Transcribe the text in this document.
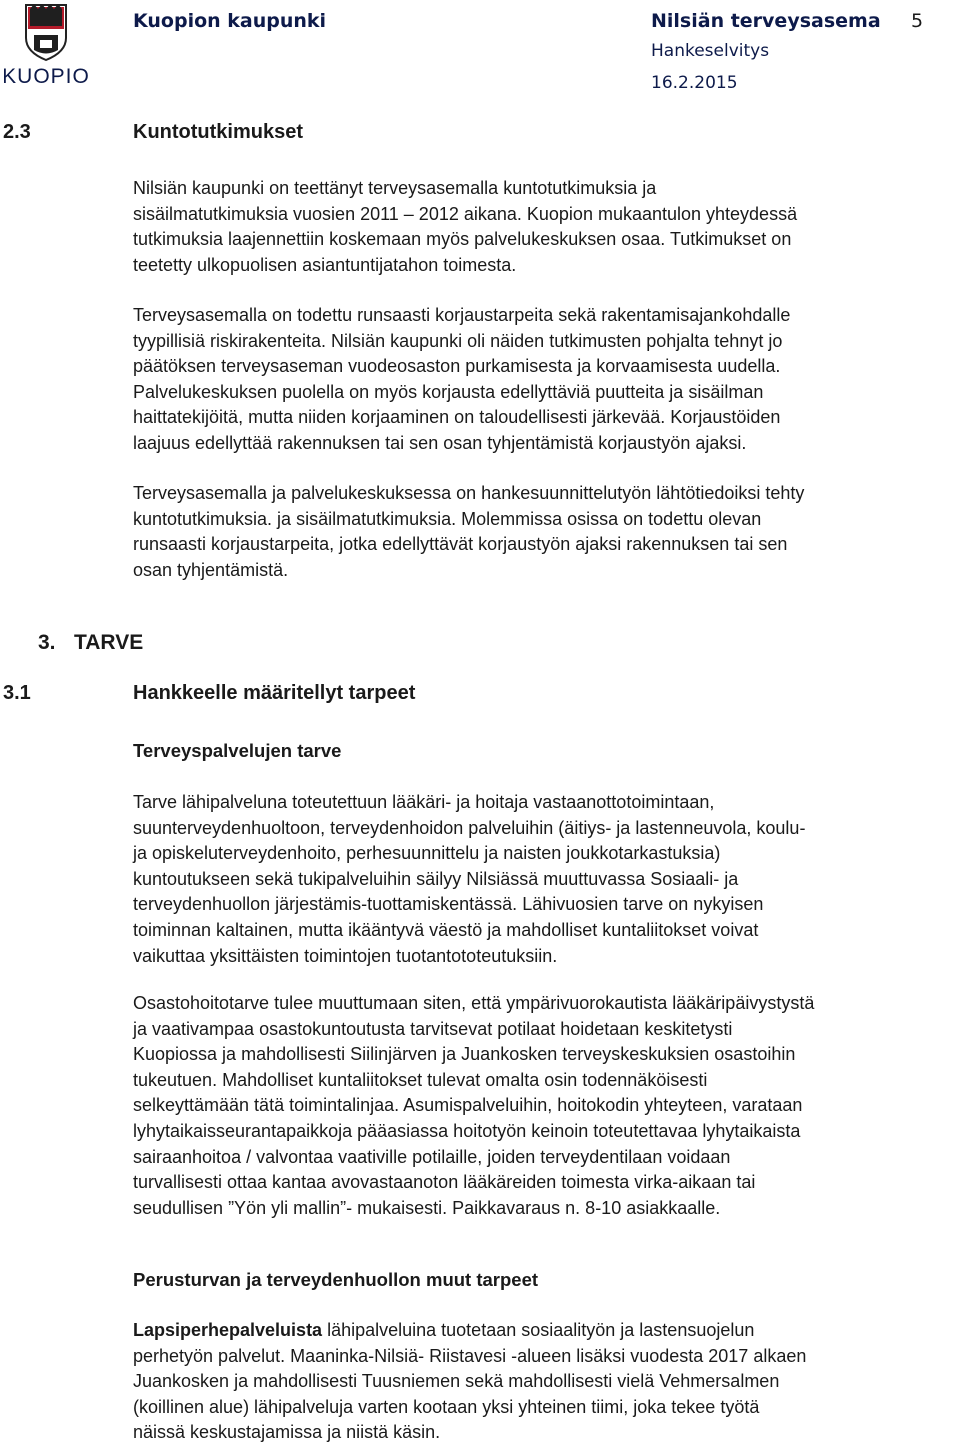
KUOPIO
Kuopion kaupunki	Nilsiän terveysasema 5
Hankeselvitys
16.2.2015
2.3	Kuntotutkimukset
Nilsiän kaupunki on teettänyt terveysasemalla kuntotutkimuksia ja
sisäilmatutkimuksia vuosien 2011 – 2012 aikana. Kuopion mukaantulon yhteydessä
tutkimuksia laajennettiin koskemaan myös palvelukeskuksen osaa. Tutkimukset on
teetetty ulkopuolisen asiantuntijatahon toimesta.
Terveysasemalla on todettu runsaasti korjaustarpeita sekä rakentamisajankohdalle
tyypillisiä riskirakenteita. Nilsiän kaupunki oli näiden tutkimusten pohjalta tehnyt jo
päätöksen terveysaseman vuodeosaston purkamisesta ja korvaamisesta uudella.
Palvelukeskuksen puolella on myös korjausta edellyttäviä puutteita ja sisäilman
haittatekijöitä, mutta niiden korjaaminen on taloudellisesti järkevää. Korjaustöiden
laajuus edellyttää rakennuksen tai sen osan tyhjentämistä korjaustyön ajaksi.
Terveysasemalla ja palvelukeskuksessa on hankesuunnittelutyön lähtötiedoiksi tehty
kuntotutkimuksia. ja sisäilmatutkimuksia. Molemmissa osissa on todettu olevan
runsaasti korjaustarpeita, jotka edellyttävät korjaustyön ajaksi rakennuksen tai sen
osan tyhjentämistä.
3. TARVE
3.1	Hankkeelle määritellyt tarpeet
Terveyspalvelujen tarve
Tarve lähipalveluna toteutettuun lääkäri- ja hoitaja vastaanottotoimintaan,
suunterveydenhuoltoon, terveydenhoidon palveluihin (äitiys- ja lastenneuvola, koulu-
ja opiskeluterveydenhoito, perhesuunnittelu ja naisten joukkotarkastuksia)
kuntoutukseen sekä tukipalveluihin säilyy Nilsiässä muuttuvassa Sosiaali- ja
terveydenhuollon järjestämis-tuottamiskentässä. Lähivuosien tarve on nykyisen
toiminnan kaltainen, mutta ikääntyvä väestö ja mahdolliset kuntaliitokset voivat
vaikuttaa yksittäisten toimintojen tuotantototeutuksiin.
Osastohoitotarve tulee muuttumaan siten, että ympärivuorokautista lääkäripäivystystä
ja vaativampaa osastokuntoutusta tarvitsevat potilaat hoidetaan keskitetysti
Kuopiossa ja mahdollisesti Siilinjärven ja Juankosken terveyskeskuksien osastoihin
tukeutuen. Mahdolliset kuntaliitokset tulevat omalta osin todennäköisesti
selkeyttämään tätä toimintalinjaa. Asumispalveluihin, hoitokodin yhteyteen, varataan
lyhytaikaisseurantapaikkoja pääasiassa hoitotyön keinoin toteutettavaa lyhytaikaista
sairaanhoitoa / valvontaa vaativille potilaille, joiden terveydentilaan voidaan
turvallisesti ottaa kantaa avovastaanoton lääkäreiden toimesta virka-aikaan tai
seudullisen ”Yön yli mallin”- mukaisesti. Paikkavaraus n. 8-10 asiakkaalle.
Perusturvan ja terveydenhuollon muut tarpeet
Lapsiperhepalveluista lähipalveluina tuotetaan sosiaalityön ja lastensuojelun
perhetyön palvelut. Maaninka-Nilsiä- Riistavesi -alueen lisäksi vuodesta 2017 alkaen
Juankosken ja mahdollisesti Tuusniemen sekä mahdollisesti vielä Vehmersalmen
(koillinen alue) lähipalveluja varten kootaan yksi yhteinen tiimi, joka tekee työtä
näissä keskustajamissa ja niistä käsin.
